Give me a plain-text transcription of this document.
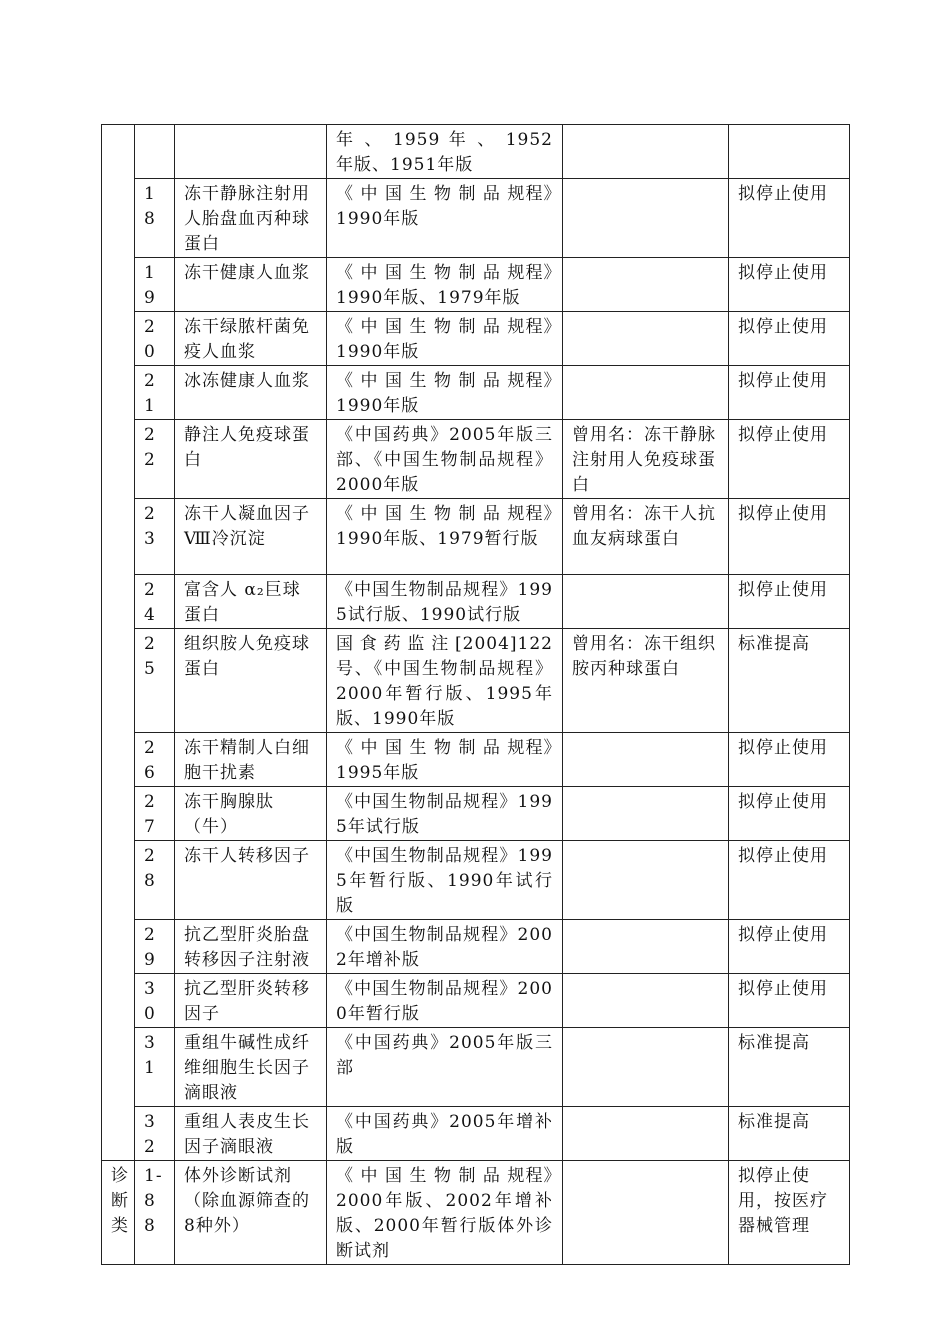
			年 、 1959 年 、 1952 年版、1951年版		
	18	冻干静脉注射用人胎盘血丙种球蛋白	《 中 国 生 物 制 品 规程》1990年版		拟停止使用
	19	冻干健康人血浆	《 中 国 生 物 制 品 规程》1990年版、1979年版		拟停止使用
	20	冻干绿脓杆菌免疫人血浆	《 中 国 生 物 制 品 规程》1990年版		拟停止使用
	21	冰冻健康人血浆	《 中 国 生 物 制 品 规程》1990年版		拟停止使用
	22	静注人免疫球蛋白	《中国药典》2005年版三部、《中国生物制品规程》2000年版	曾用名：冻干静脉注射用人免疫球蛋白	拟停止使用
	23	冻干人凝血因子Ⅷ冷沉淀	《 中 国 生 物 制 品 规程》1990年版、1979暂行版	曾用名：冻干人抗血友病球蛋白	拟停止使用
	24	富含人 α₂巨球蛋白	《中国生物制品规程》1995试行版、1990试行版		拟停止使用
	25	组织胺人免疫球蛋白	国食药监注[2004]122号、《中国生物制品规程》2000年暂行版、1995年版、1990年版	曾用名：冻干组织胺丙种球蛋白	标准提高
	26	冻干精制人白细胞干扰素	《 中 国 生 物 制 品 规程》1995年版		拟停止使用
	27	冻干胸腺肽（牛）	《中国生物制品规程》1995年试行版		拟停止使用
	28	冻干人转移因子	《中国生物制品规程》1995年暂行版、1990年试行版		拟停止使用
	29	抗乙型肝炎胎盘转移因子注射液	《中国生物制品规程》2002年增补版		拟停止使用
	30	抗乙型肝炎转移因子	《中国生物制品规程》2000年暂行版		拟停止使用
	31	重组牛碱性成纤维细胞生长因子滴眼液	《中国药典》2005年版三部		标准提高
	32	重组人表皮生长因子滴眼液	《中国药典》2005年增补版		标准提高
诊断类	1-88	体外诊断试剂（除血源筛查的8种外）	《 中 国 生 物 制 品 规程》2000年版、2002年增补版、2000年暂行版体外诊断试剂		拟停止使用，按医疗器械管理
